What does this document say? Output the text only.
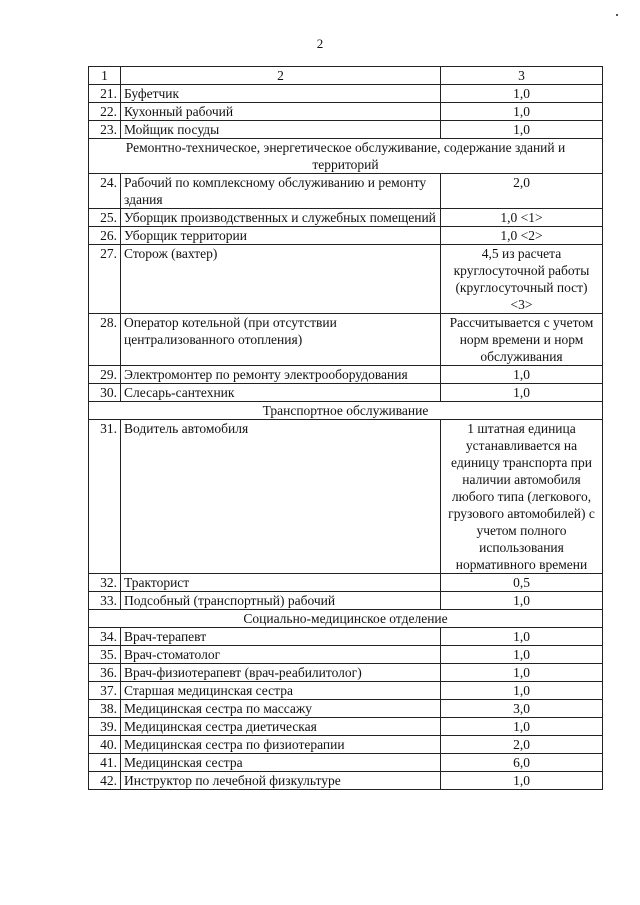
2
1	2	3
21.	Буфетчик	1,0
22.	Кухонный рабочий	1,0
23.	Мойщик посуды	1,0
Ремонтно-техническое, энергетическое обслуживание, содержание зданий и территорий		
24.	Рабочий по комплексному обслуживанию и ремонту здания	2,0
25.	Уборщик производственных и служебных помещений	1,0 <1>
26.	Уборщик территории	1,0 <2>
27.	Сторож (вахтер)	4,5 из расчета круглосуточной работы (круглосуточный пост) <3>
28.	Оператор котельной (при отсутствии централизованного отопления)	Рассчитывается с учетом норм времени и норм обслуживания
29.	Электромонтер по ремонту электрооборудования	1,0
30.	Слесарь-сантехник	1,0
Транспортное обслуживание		
31.	Водитель автомобиля	1 штатная единица устанавливается на единицу транспорта при наличии автомобиля любого типа (легкового, грузового автомобилей) с учетом полного использования нормативного времени
32.	Тракторист	0,5
33.	Подсобный (транспортный) рабочий	1,0
Социально-медицинское отделение		
34.	Врач-терапевт	1,0
35.	Врач-стоматолог	1,0
36.	Врач-физиотерапевт (врач-реабилитолог)	1,0
37.	Старшая медицинская сестра	1,0
38.	Медицинская сестра по массажу	3,0
39.	Медицинская сестра диетическая	1,0
40.	Медицинская сестра по физиотерапии	2,0
41.	Медицинская сестра	6,0
42.	Инструктор по лечебной физкультуре	1,0
